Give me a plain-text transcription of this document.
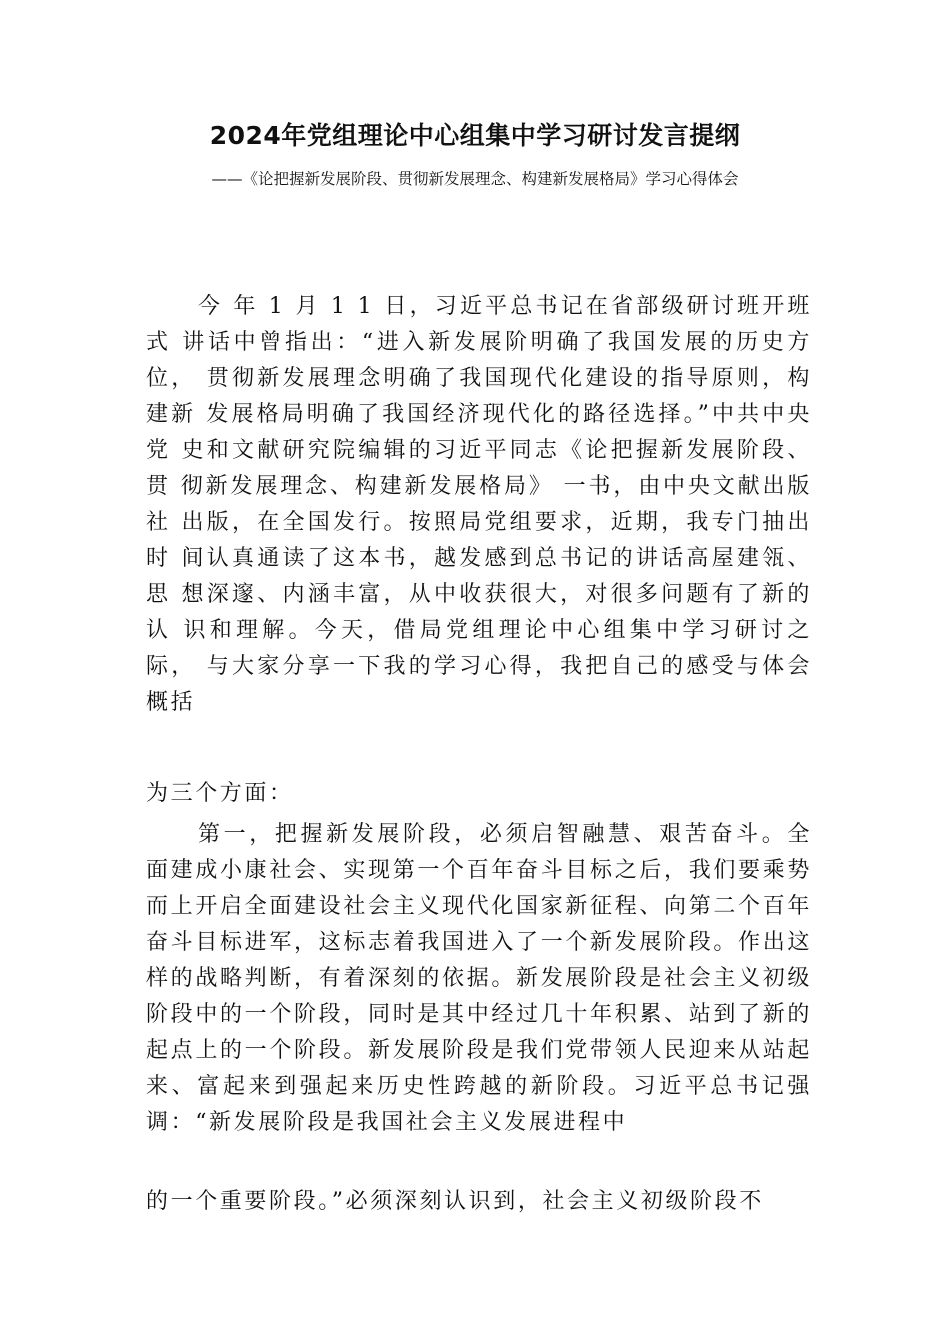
2024年党组理论中心组集中学习研讨发言提纲
——《论把握新发展阶段、贯彻新发展理念、构建新发展格局》学习心得体会

今 年 1 月 1 1 日，习近平总书记在省部级研讨班开班式 讲话中曾指出：“进入新发展阶明确了我国发展的历史方位， 贯彻新发展理念明确了我国现代化建设的指导原则，构建新 发展格局明确了我国经济现代化的路径选择。”中共中央党 史和文献研究院编辑的习近平同志《论把握新发展阶段、贯 彻新发展理念、构建新发展格局》 一书，由中央文献出版社 出版，在全国发行。按照局党组要求，近期，我专门抽出时 间认真通读了这本书，越发感到总书记的讲话高屋建瓴、思 想深邃、内涵丰富，从中收获很大，对很多问题有了新的认 识和理解。今天，借局党组理论中心组集中学习研讨之际， 与大家分享一下我的学习心得，我把自己的感受与体会概括

为三个方面：

第一，把握新发展阶段，必须启智融慧、艰苦奋斗。全面建成小康社会、实现第一个百年奋斗目标之后，我们要乘势而上开启全面建设社会主义现代化国家新征程、向第二个百年奋斗目标进军，这标志着我国进入了一个新发展阶段。作出这样的战略判断，有着深刻的依据。新发展阶段是社会主义初级阶段中的一个阶段，同时是其中经过几十年积累、站到了新的起点上的一个阶段。新发展阶段是我们党带领人民迎来从站起来、富起来到强起来历史性跨越的新阶段。习近平总书记强调：“新发展阶段是我国社会主义发展进程中

的一个重要阶段。”必须深刻认识到，社会主义初级阶段不
